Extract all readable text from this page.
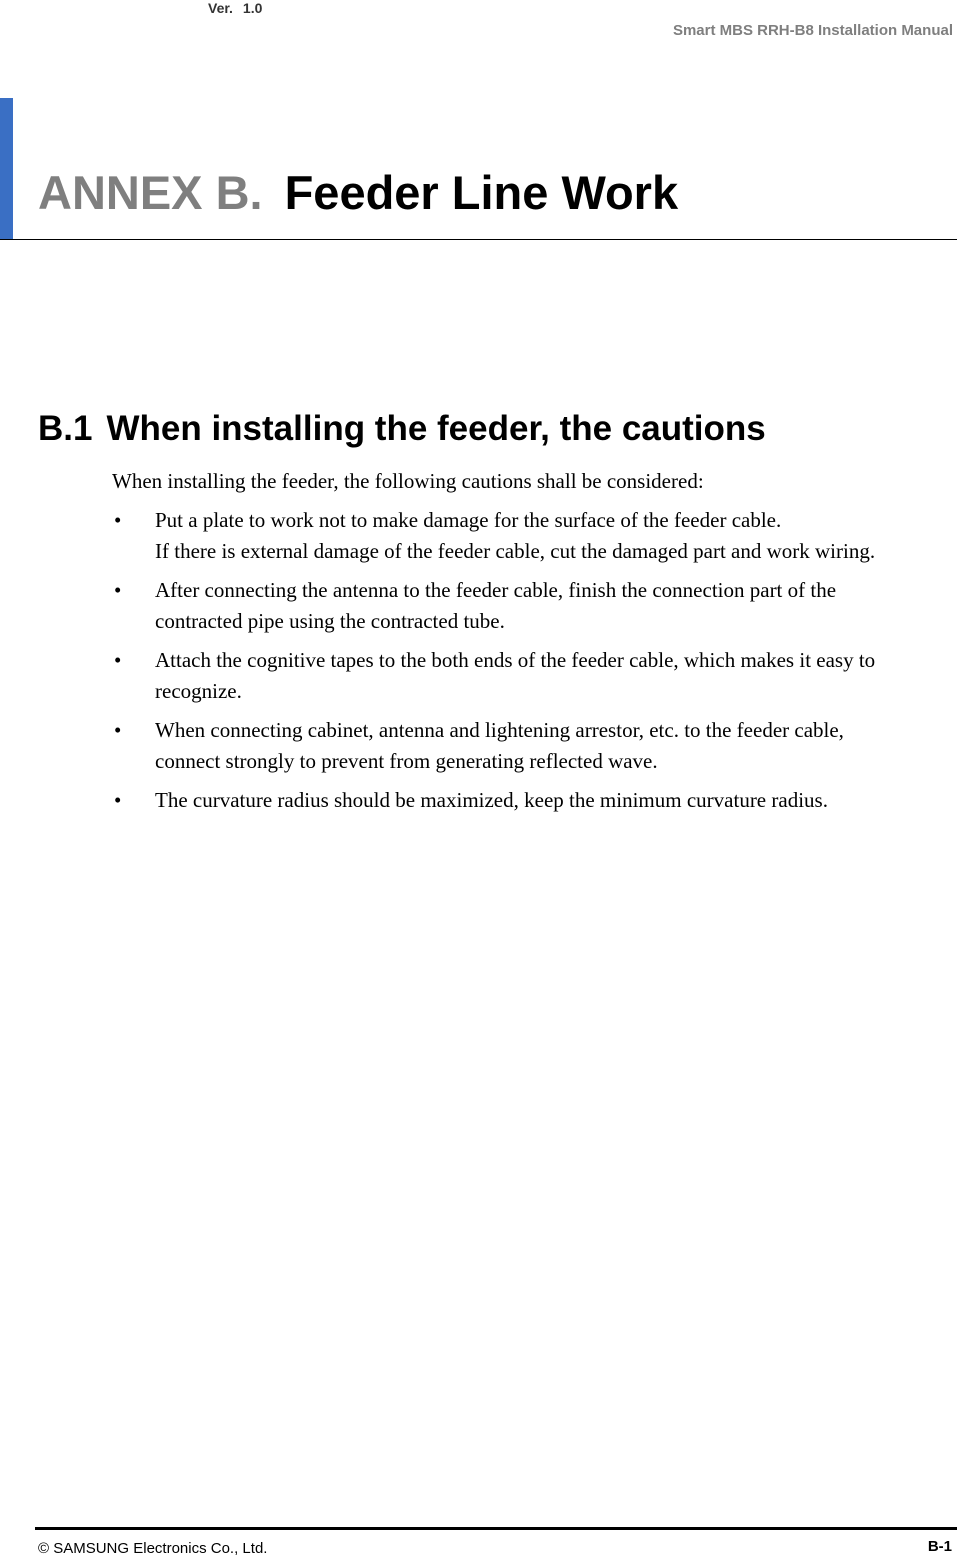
Ver. 1.0
Smart MBS RRH-B8 Installation Manual
ANNEX B. Feeder Line Work
B.1 When installing the feeder, the cautions
When installing the feeder, the following cautions shall be considered:
• Put a plate to work not to make damage for the surface of the feeder cable.
If there is external damage of the feeder cable, cut the damaged part and work wiring.
• After connecting the antenna to the feeder cable, finish the connection part of the
contracted pipe using the contracted tube.
• Attach the cognitive tapes to the both ends of the feeder cable, which makes it easy to
recognize.
• When connecting cabinet, antenna and lightening arrestor, etc. to the feeder cable,
connect strongly to prevent from generating reflected wave.
• The curvature radius should be maximized, keep the minimum curvature radius.
© SAMSUNG Electronics Co., Ltd.	B-1
